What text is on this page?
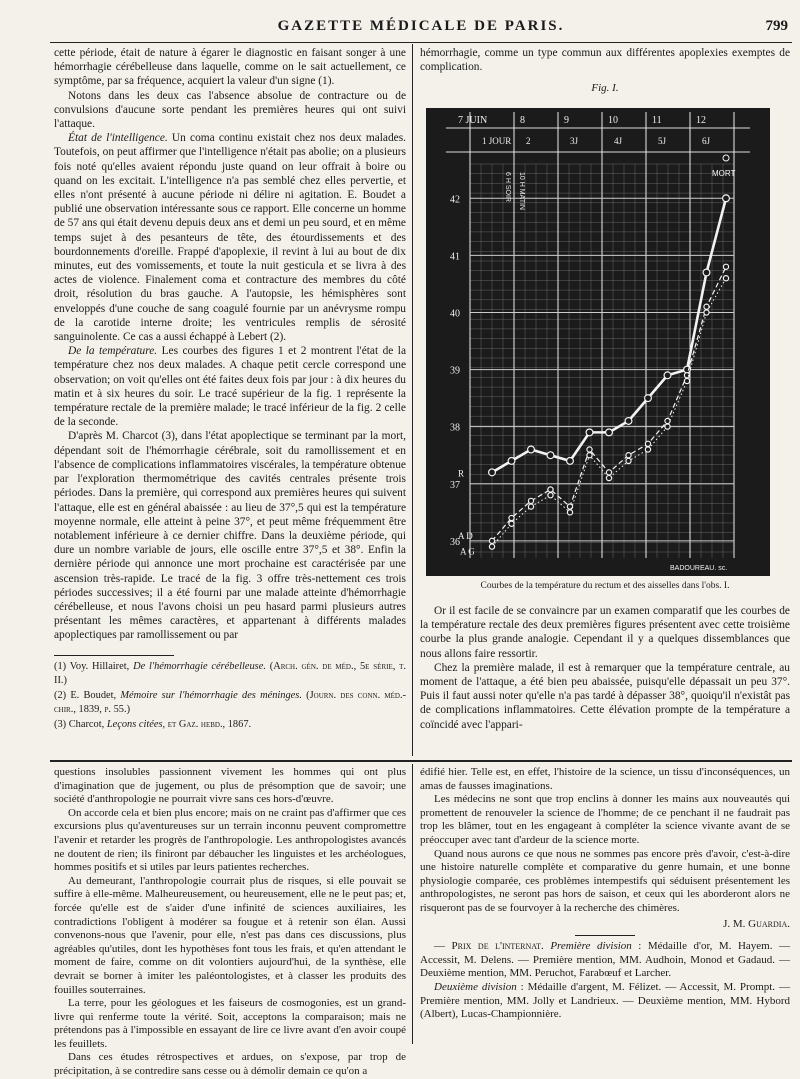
GAZETTE MÉDICALE DE PARIS.	799

cette période, était de nature à égarer le diagnostic en faisant songer à une hémorrhagie cérébelleuse dans laquelle, comme on le sait actuellement, ce symptôme, par sa fréquence, acquiert la valeur d'un signe (1).

Notons dans les deux cas l'absence absolue de contracture ou de convulsions d'aucune sorte pendant les premières heures qui ont suivi l'attaque.

État de l'intelligence. Un coma continu existait chez nos deux malades. Toutefois, on peut affirmer que l'intelligence n'était pas abolie; on a plusieurs fois noté qu'elles avaient répondu juste quand on leur offrait à boire ou quand on les excitait. L'intelligence n'a pas semblé chez elles pervertie, et elles n'ont présenté à aucune période ni délire ni agitation. E. Boudet a publié une observation intéressante sous ce rapport. Elle concerne un homme de 57 ans qui était devenu depuis deux ans et demi un peu sourd, et en même temps sujet à des pesanteurs de tête, des étourdissements et des bourdonnements d'oreille. Frappé d'apoplexie, il revint à lui au bout de dix minutes, eut des vomissements, et toute la nuit gesticula et se livra à des actes de violence. Finalement coma et contracture des membres du côté droit, résolution du bras gauche. A l'autopsie, les hémisphères sont enveloppés d'une couche de sang coagulé fournie par un anévrysme rompu de la carotide interne droite; les ventricules remplis de sérosité sanguinolente. Ce cas a aussi échappé à Lebert (2).

De la température. Les courbes des figures 1 et 2 montrent l'état de la température chez nos deux malades. A chaque petit cercle correspond une observation; on voit qu'elles ont été faites deux fois par jour : à dix heures du matin et à six heures du soir. Le tracé supérieur de la fig. 1 représente la température rectale de la première malade; le tracé inférieur de la fig. 2 celle de la seconde.

D'après M. Charcot (3), dans l'état apoplectique se terminant par la mort, dépendant soit de l'hémorrhagie cérébrale, soit du ramollissement et en l'absence de complications inflammatoires viscérales, la température obtenue par l'exploration thermométrique des cavités centrales présente trois périodes. Dans la première, qui correspond aux premières heures qui suivent l'attaque, elle est en général abaissée : au lieu de 37°,5 qui est la température moyenne normale, elle atteint à peine 37°, et peut même fréquemment être notablement inférieure à ce dernier chiffre. Dans la deuxième période, qui dure un nombre variable de jours, elle oscille entre 37°,5 et 38°. Enfin la dernière période qui annonce une mort prochaine est caractérisée par une ascension très-rapide. Le tracé de la fig. 3 offre très-nettement ces trois périodes successives; il a été fourni par une malade atteinte d'hémorrhagie cérébelleuse, et nous l'avons choisi un peu hasard parmi plusieurs autres présentant les mêmes caractères, et appartenant à différents malades apoplectiques par ramollissement ou par

(1) Voy. Hillairet, De l'hémorrhagie cérébelleuse. (Arch. gén. de méd., 5e série, t. II.)

(2) E. Boudet, Mémoire sur l'hémorrhagie des méninges. (Journ. des conn. méd.-chir., 1839, p. 55.)

(3) Charcot, Leçons citées, et Gaz. hebd., 1867.

hémorrhagie, comme un type commun aux différentes apoplexies exemptes de complication.

Fig. I.
42
41
40
39
38
37
36
7 JUIN	8	9	10	11	12
1 JOUR 2	3J	4J	5J	6J
6 H SOIR 10 H MATIN
R
A D
A G
MORT
BADOUREAU. sc.
Courbes de la température du rectum et des aisselles dans l'obs. I.

Or il est facile de se convaincre par un examen comparatif que les courbes de la température rectale des deux premières figures présentent avec cette troisième courbe la plus grande analogie. Cependant il y a quelques dissemblances que nous allons faire ressortir.

Chez la première malade, il est à remarquer que la température centrale, au moment de l'attaque, a été bien peu abaissée, puisqu'elle dépassait un peu 37°. Puis il faut aussi noter qu'elle n'a pas tardé à dépasser 38°, quoiqu'il n'existât pas de complications inflammatoires. Cette élévation prompte de la température a coïncidé avec l'appari-

questions insolubles passionnent vivement les hommes qui ont plus d'imagination que de jugement, ou plus de présomption que de savoir; une société d'anthropologie ne pourrait vivre sans ces hors-d'œuvre.

On accorde cela et bien plus encore; mais on ne craint pas d'affirmer que ces excursions plus qu'aventureuses sur un terrain inconnu peuvent compromettre l'avenir et retarder les progrès de l'anthropologie. Les anthropologistes avancés ne doutent de rien; ils finiront par débaucher les linguistes et les archéologues, hommes positifs et si utiles par leurs patientes recherches.

Au demeurant, l'anthropologie courrait plus de risques, si elle pouvait se suffire à elle-même. Malheureusement, ou heureusement, elle ne le peut pas; et, forcée qu'elle est de s'aider d'une infinité de sciences auxiliaires, les contradictions l'obligent à modérer sa fougue et à retenir son élan. Aussi convenons-nous que l'avenir, pour elle, n'est pas dans ces discussions, plus agréables qu'utiles, dont les hypothèses font tous les frais, et qu'en attendant le moment de faire, comme on dit volontiers aujourd'hui, de la synthèse, elle devrait se borner à imiter les paléontologistes, et à classer les produits des fouilles souterraines.

La terre, pour les géologues et les faiseurs de cosmogonies, est un grand-livre qui renferme toute la vérité. Soit, acceptons la comparaison; mais ne prétendons pas à l'impossible en essayant de lire ce livre avant d'en avoir coupé les feuillets.

Dans ces études rétrospectives et ardues, on s'expose, par trop de précipitation, à se contredire sans cesse ou à démolir demain ce qu'on a

édifié hier. Telle est, en effet, l'histoire de la science, un tissu d'inconséquences, un amas de fausses imaginations.

Les médecins ne sont que trop enclins à donner les mains aux nouveautés qui promettent de renouveler la science de l'homme; de ce penchant il ne faudrait pas trop les blâmer, tout en les engageant à compléter la science vivante avant de se préoccuper avec tant d'ardeur de la science morte.

Quand nous aurons ce que nous ne sommes pas encore près d'avoir, c'est-à-dire une histoire naturelle complète et comparative du genre humain, et une bonne physiologie comparée, ces problèmes intempestifs qui séduisent présentement les anthropologistes, ne seront pas hors de saison, et ceux qui les aborderont alors ne risqueront pas de se fourvoyer à la recherche des chimères.

J. M. Guardia.

— Prix de l'internat. Première division : Médaille d'or, M. Hayem. — Accessit, M. Delens. — Première mention, MM. Audhoin, Monod et Gadaud. — Deuxième mention, MM. Peruchot, Farabœuf et Larcher.

Deuxième division : Médaille d'argent, M. Félizet. — Accessit, M. Prompt. — Première mention, MM. Jolly et Landrieux. — Deuxième mention, MM. Hybord (Albert), Lucas-Championnière.
